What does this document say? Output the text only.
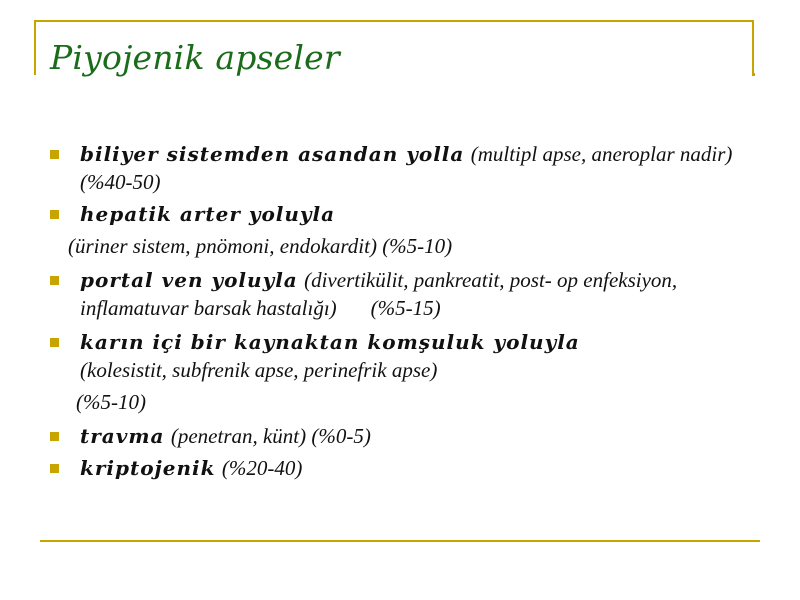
Piyojenik apseler

biliyer sistemden asandan yolla (multipl apse, aneroplar nadir) (%40-50)

hepatik arter yoluyla

(üriner sistem, pnömoni, endokardit) (%5-10)

portal ven yoluyla (divertikülit, pankreatit, post- op enfeksiyon, inflamatuvar barsak hastalığı) (%5-15)

karın içi bir kaynaktan komşuluk yoluyla
(kolesistit, subfrenik apse, perinefrik apse)

(%5-10)

travma (penetran, künt) (%0-5)

kriptojenik (%20-40)
